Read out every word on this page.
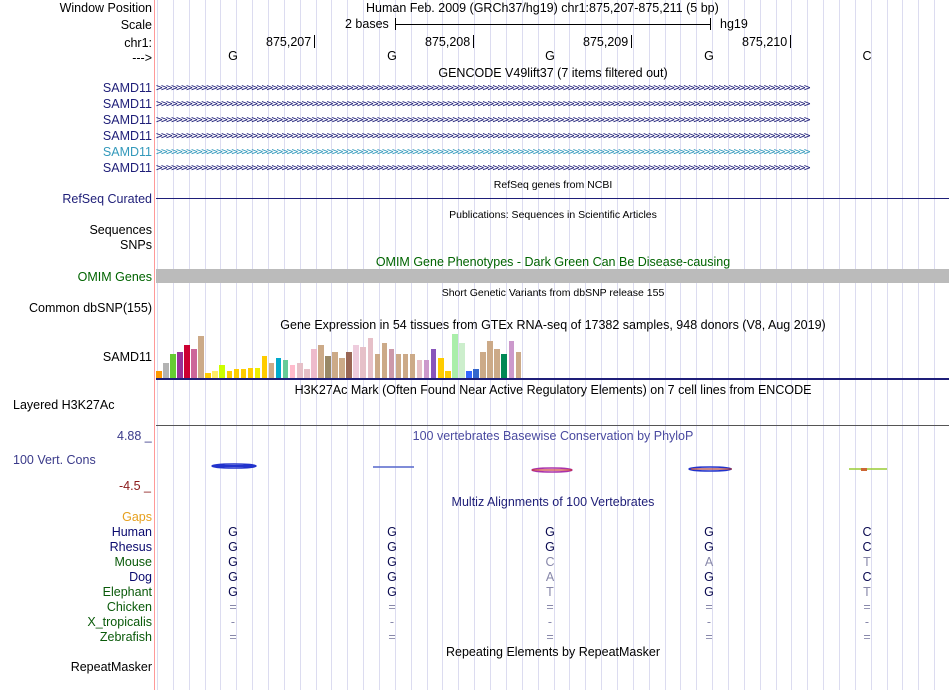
Window Position	Human Feb. 2009 (GRCh37/hg19) chr1:875,207-875,211 (5 bp)
Scale	2 bases	hg19
chr1:	875,207	875,208	875,209	875,210
--->	G	G	G	G	C
GENCODE V49lift37 (7 items filtered out)
SAMD11 >>>>>>>>>>>>>>>>>>>>>>>>>>>>>>>>>>>>>>>>>>>>>>>>>>>>>>>>>>>>>>>>>>>>>>>>>>>>>>>>>>>>>>>>>>>>>>>>>>>>>>>>>>>>>>>>>>>>>>>>>>>>>>>>>>
SAMD11 >>>>>>>>>>>>>>>>>>>>>>>>>>>>>>>>>>>>>>>>>>>>>>>>>>>>>>>>>>>>>>>>>>>>>>>>>>>>>>>>>>>>>>>>>>>>>>>>>>>>>>>>>>>>>>>>>>>>>>>>>>>>>>>>>>
SAMD11 >>>>>>>>>>>>>>>>>>>>>>>>>>>>>>>>>>>>>>>>>>>>>>>>>>>>>>>>>>>>>>>>>>>>>>>>>>>>>>>>>>>>>>>>>>>>>>>>>>>>>>>>>>>>>>>>>>>>>>>>>>>>>>>>>>
SAMD11 >>>>>>>>>>>>>>>>>>>>>>>>>>>>>>>>>>>>>>>>>>>>>>>>>>>>>>>>>>>>>>>>>>>>>>>>>>>>>>>>>>>>>>>>>>>>>>>>>>>>>>>>>>>>>>>>>>>>>>>>>>>>>>>>>>
SAMD11 >>>>>>>>>>>>>>>>>>>>>>>>>>>>>>>>>>>>>>>>>>>>>>>>>>>>>>>>>>>>>>>>>>>>>>>>>>>>>>>>>>>>>>>>>>>>>>>>>>>>>>>>>>>>>>>>>>>>>>>>>>>>>>>>>>
SAMD11 >>>>>>>>>>>>>>>>>>>>>>>>>>>>>>>>>>>>>>>>>>>>>>>>>>>>>>>>>>>>>>>>>>>>>>>>>>>>>>>>>>>>>>>>>>>>>>>>>>>>>>>>>>>>>>>>>>>>>>>>>>>>>>>>>>
RefSeq genes from NCBI
RefSeq Curated
Publications: Sequences in Scientific Articles
Sequences
SNPs
OMIM Gene Phenotypes - Dark Green Can Be Disease-causing
OMIM Genes
Short Genetic Variants from dbSNP release 155
Common dbSNP(155)
Gene Expression in 54 tissues from GTEx RNA-seq of 17382 samples, 948 donors (V8, Aug 2019)
SAMD11
H3K27Ac Mark (Often Found Near Active Regulatory Elements) on 7 cell lines from ENCODE
Layered H3K27Ac
4.88 _	100 vertebrates Basewise Conservation by PhyloP
100 Vert. Cons
-4.5 _
Multiz Alignments of 100 Vertebrates
Gaps
Human	G	G	G	G	C
Rhesus	G	G	G	G	C
Mouse	G	G	C	A	T
Dog	G	G	A	G	C
Elephant	G	G	T	G	T
Chicken	=	=	=	=	=
X_tropicalis	-	-	-	-	-
Zebrafish	=	=	=	=	=
Repeating Elements by RepeatMasker
RepeatMasker
